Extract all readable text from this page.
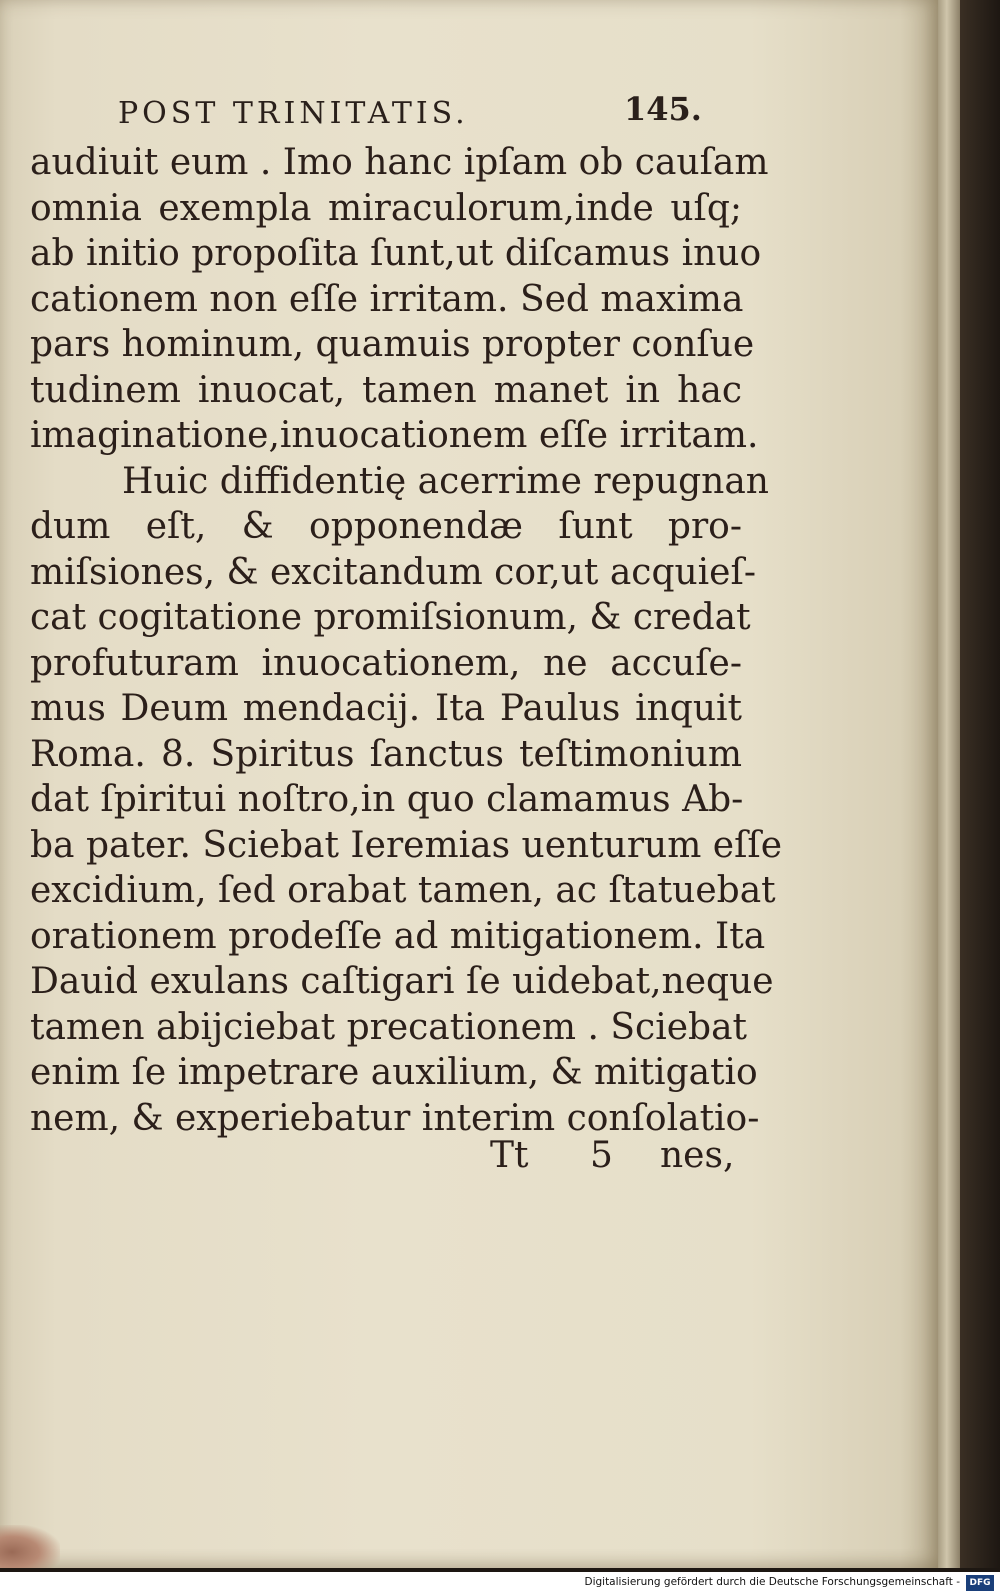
POST TRINITATIS.	145.
audiuit eum . Imo hanc ipſam ob cauſam
omnia exempla miraculorum,inde uſq;
ab initio propoſita ſunt,ut diſcamus inuo
cationem non eſſe irritam. Sed maxima
pars hominum, quamuis propter conſue
tudinem inuocat, tamen manet in hac
imaginatione,inuocationem eſſe irritam.
Huic diffidentię acerrime repugnan
dum eſt, & opponendæ ſunt pro-
miſsiones, & excitandum cor,ut acquieſ-
cat cogitatione promiſsionum, & credat
profuturam inuocationem, ne accuſe-
mus Deum mendacij. Ita Paulus inquit
Roma. 8. Spiritus ſanctus teſtimonium
dat ſpiritui noſtro,in quo clamamus Ab-
ba pater. Sciebat Ieremias uenturum eſſe
excidium, ſed orabat tamen, ac ſtatuebat
orationem prodeſſe ad mitigationem. Ita
Dauid exulans caſtigari ſe uidebat,neque
tamen abijciebat precationem . Sciebat
enim ſe impetrare auxilium, & mitigatio
nem, & experiebatur interim conſolatio-
Tt 5 nes,
Digitalisierung gefördert durch die Deutsche Forschungsgemeinschaft -	DFG
